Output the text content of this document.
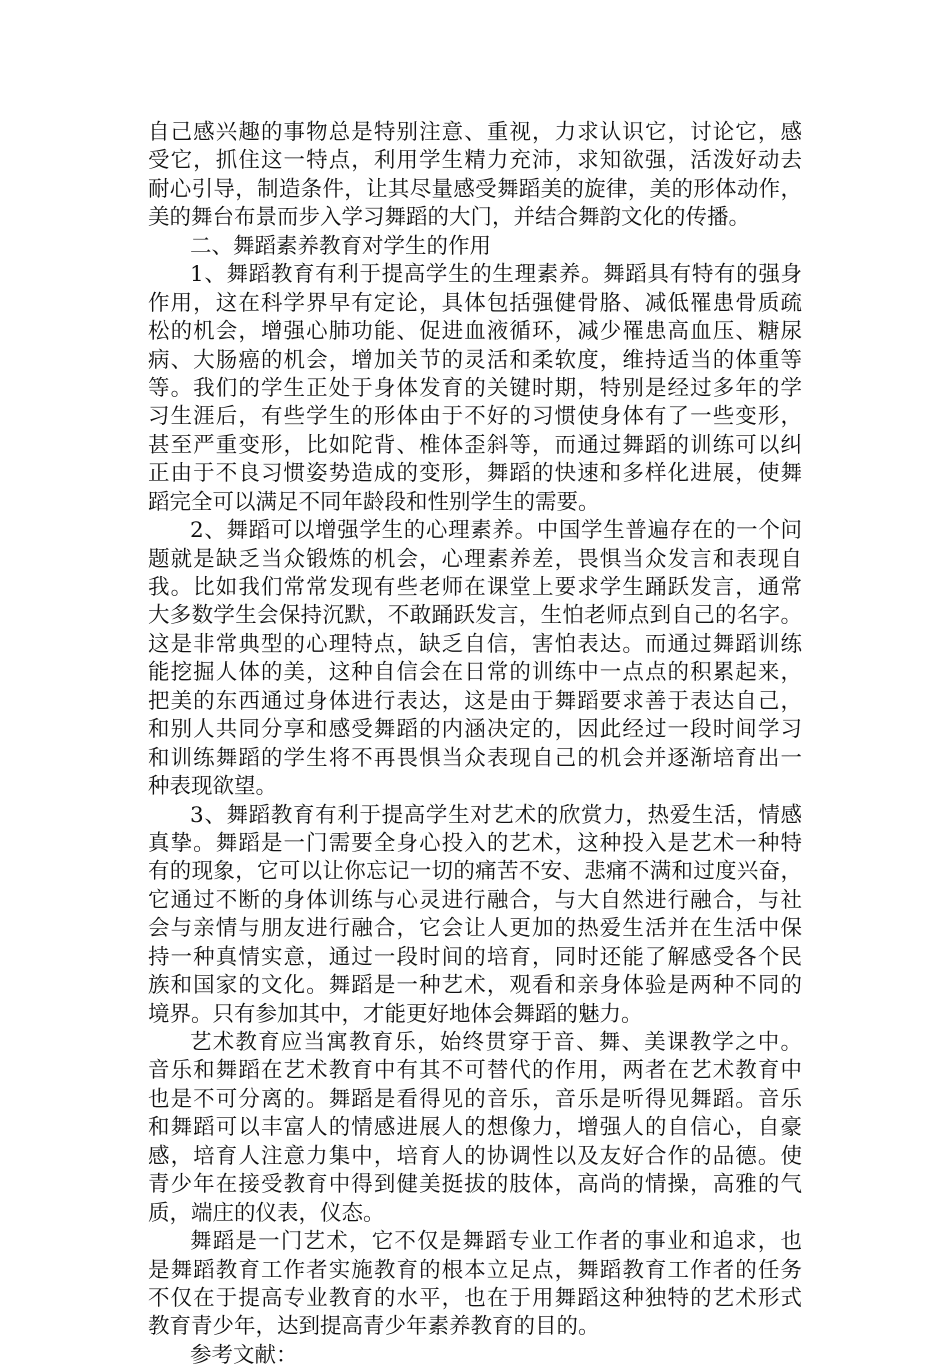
自己感兴趣的事物总是特别注意、重视，力求认识它，讨论它，感
受它，抓住这一特点，利用学生精力充沛，求知欲强，活泼好动去
耐心引导，制造条件，让其尽量感受舞蹈美的旋律，美的形体动作，
美的舞台布景而步入学习舞蹈的大门，并结合舞韵文化的传播。
二、舞蹈素养教育对学生的作用
1、舞蹈教育有利于提高学生的生理素养。舞蹈具有特有的强身
作用，这在科学界早有定论，具体包括强健骨胳、减低罹患骨质疏
松的机会，增强心肺功能、促进血液循环，减少罹患高血压、糖尿
病、大肠癌的机会，增加关节的灵活和柔软度，维持适当的体重等
等。我们的学生正处于身体发育的关键时期，特别是经过多年的学
习生涯后，有些学生的形体由于不好的习惯使身体有了一些变形，
甚至严重变形，比如陀背、椎体歪斜等，而通过舞蹈的训练可以纠
正由于不良习惯姿势造成的变形，舞蹈的快速和多样化进展，使舞
蹈完全可以满足不同年龄段和性别学生的需要。
2、舞蹈可以增强学生的心理素养。中国学生普遍存在的一个问
题就是缺乏当众锻炼的机会，心理素养差，畏惧当众发言和表现自
我。比如我们常常发现有些老师在课堂上要求学生踊跃发言，通常
大多数学生会保持沉默，不敢踊跃发言，生怕老师点到自己的名字。
这是非常典型的心理特点，缺乏自信，害怕表达。而通过舞蹈训练
能挖掘人体的美，这种自信会在日常的训练中一点点的积累起来，
把美的东西通过身体进行表达，这是由于舞蹈要求善于表达自己，
和别人共同分享和感受舞蹈的内涵决定的，因此经过一段时间学习
和训练舞蹈的学生将不再畏惧当众表现自己的机会并逐渐培育出一
种表现欲望。
3、舞蹈教育有利于提高学生对艺术的欣赏力，热爱生活，情感
真挚。舞蹈是一门需要全身心投入的艺术，这种投入是艺术一种特
有的现象，它可以让你忘记一切的痛苦不安、悲痛不满和过度兴奋，
它通过不断的身体训练与心灵进行融合，与大自然进行融合，与社
会与亲情与朋友进行融合，它会让人更加的热爱生活并在生活中保
持一种真情实意，通过一段时间的培育，同时还能了解感受各个民
族和国家的文化。舞蹈是一种艺术，观看和亲身体验是两种不同的
境界。只有参加其中，才能更好地体会舞蹈的魅力。
艺术教育应当寓教育乐，始终贯穿于音、舞、美课教学之中。
音乐和舞蹈在艺术教育中有其不可替代的作用，两者在艺术教育中
也是不可分离的。舞蹈是看得见的音乐，音乐是听得见舞蹈。音乐
和舞蹈可以丰富人的情感进展人的想像力，增强人的自信心，自豪
感，培育人注意力集中，培育人的协调性以及友好合作的品德。使
青少年在接受教育中得到健美挺拔的肢体，高尚的情操，高雅的气
质，端庄的仪表，仪态。
舞蹈是一门艺术，它不仅是舞蹈专业工作者的事业和追求，也
是舞蹈教育工作者实施教育的根本立足点，舞蹈教育工作者的任务
不仅在于提高专业教育的水平，也在于用舞蹈这种独特的艺术形式
教育青少年，达到提高青少年素养教育的目的。
参考文献：
